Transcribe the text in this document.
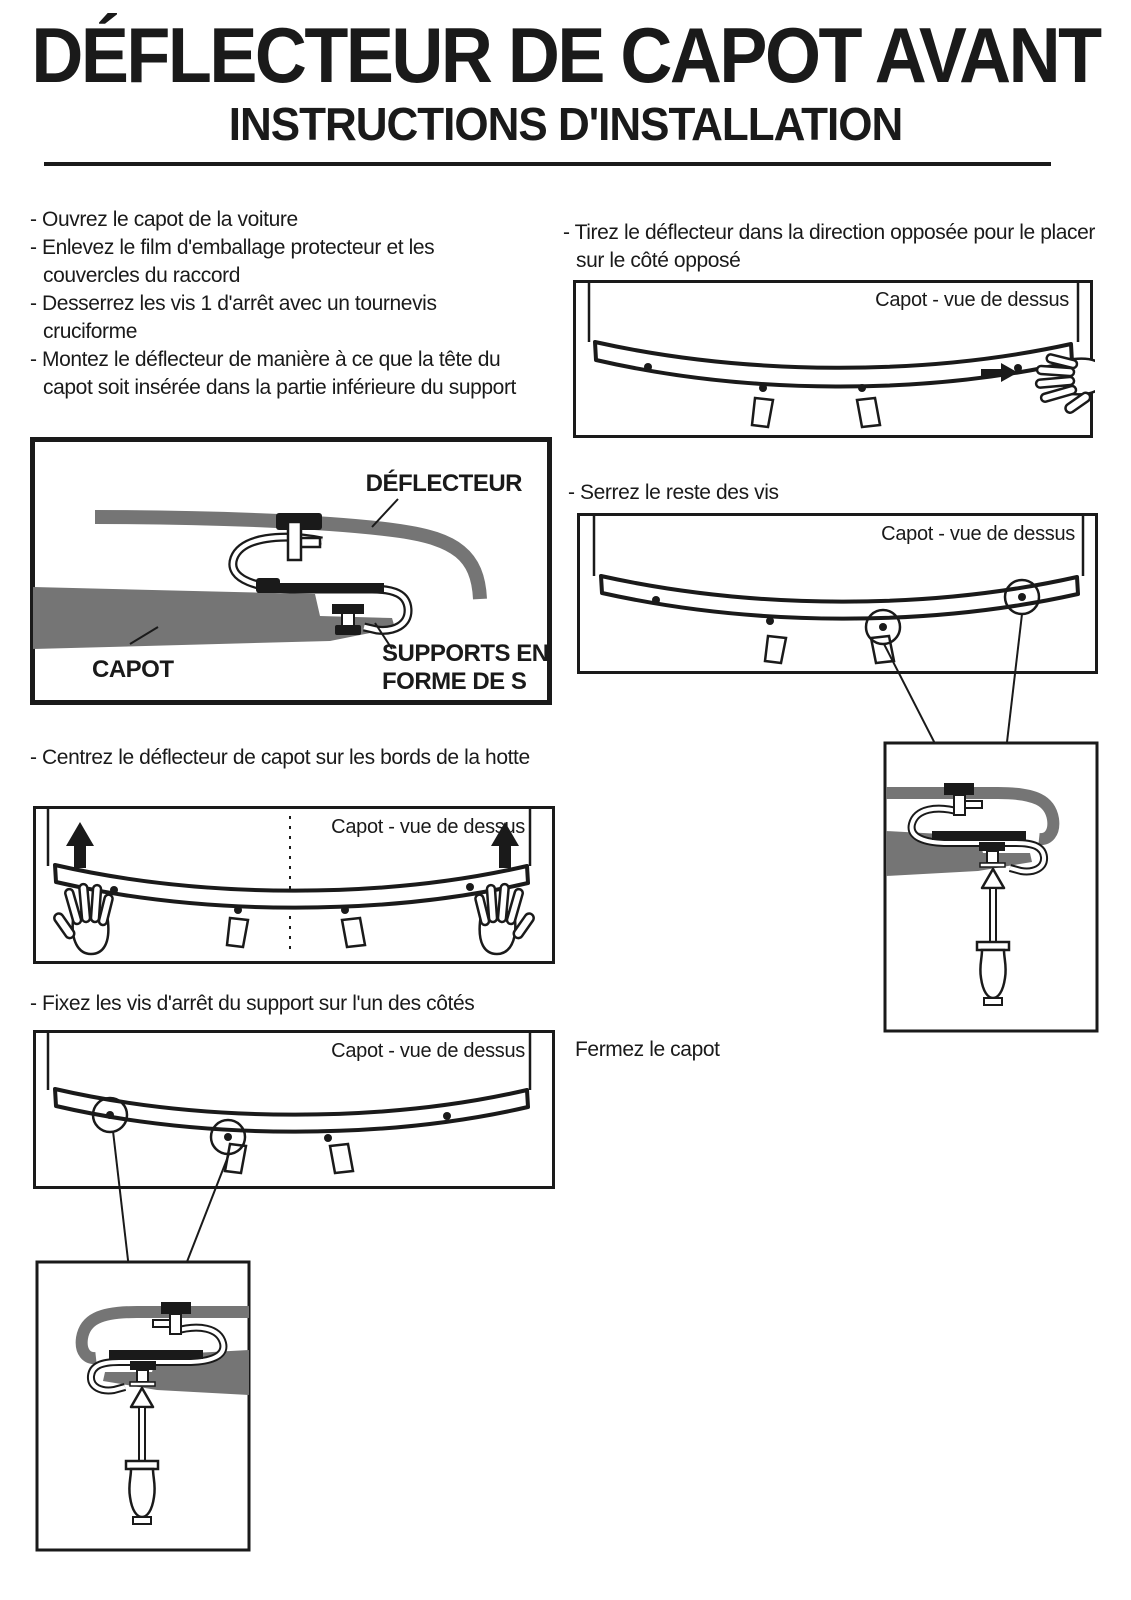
DÉFLECTEUR DE CAPOT AVANT
INSTRUCTIONS D'INSTALLATION
- Ouvrez le capot de la voiture
- Enlevez le film d'emballage protecteur et les couvercles du raccord
- Desserrez les vis 1 d'arrêt avec un tournevis cruciforme
- Montez le déflecteur de manière à ce que la tête du capot soit insérée dans la partie inférieure du support
DÉFLECTEUR
CAPOT
SUPPORTS EN
FORME DE S
- Centrez le déflecteur de capot sur les bords de la hotte
Capot - vue de dessus
- Fixez les vis d'arrêt du support sur l'un des côtés
Capot - vue de dessus
- Tirez le déflecteur dans la direction opposée pour le placer sur le côté opposé
Capot - vue de dessus
- Serrez le reste des vis
Capot - vue de dessus
Fermez le capot
